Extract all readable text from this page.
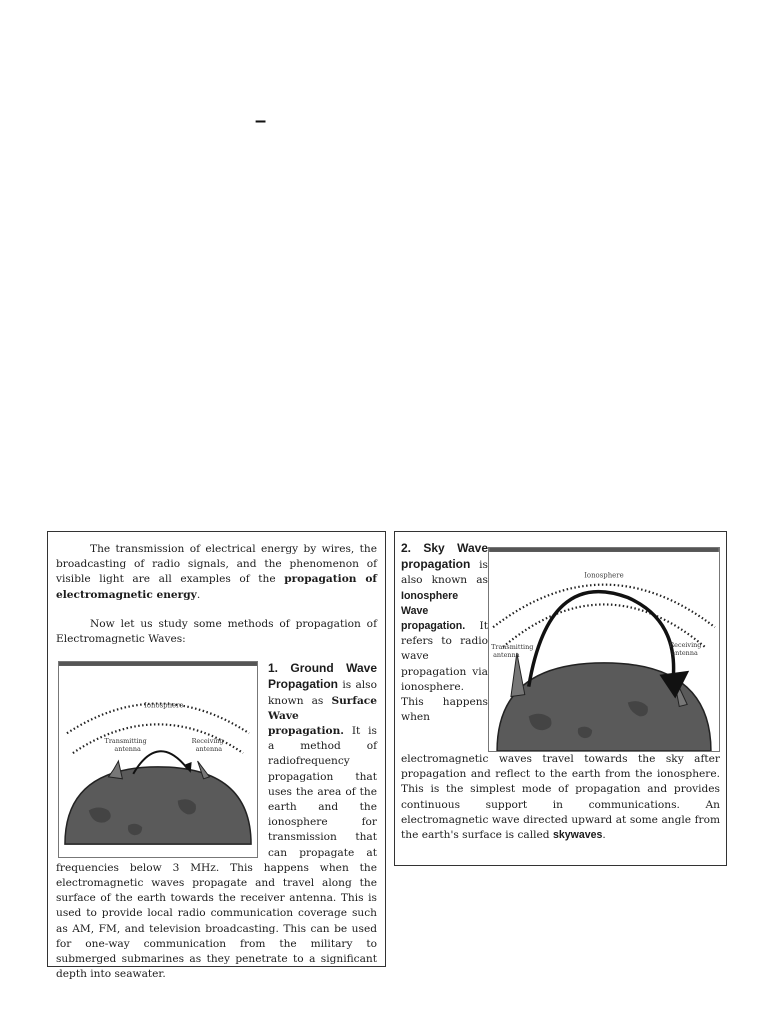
–

The transmission of electrical energy by wires, the broadcasting of radio signals, and the phenomenon of visible light are all examples of the propagation of electromagnetic energy.

Now let us study some methods of propagation of Electromagnetic Waves:

Ionosphere
Transmitting
antenna
Receiving
antenna

1. Ground Wave Propagation is also known as Surface Wave propagation. It is a method of radiofrequency propagation that uses the area of the earth and the ionosphere for transmission that can propagate at frequencies below 3 MHz. This happens when the electromagnetic waves propagate and travel along the surface of the earth towards the receiver antenna. This is used to provide local radio communication coverage such as AM, FM, and television broadcasting. This can be used for one-way communication from the military to submerged submarines as they penetrate to a significant depth into seawater.

Ionosphere
Transmitting
antenna
Receiving
antenna

2. Sky Wave propagation is also known as Ionosphere Wave propagation. It refers to radio wave propagation via ionosphere. This happens when electromagnetic waves travel towards the sky after propagation and reflect to the earth from the ionosphere. This is the simplest mode of propagation and provides continuous support in communications. An electromagnetic wave directed upward at some angle from the earth's surface is called skywaves.
